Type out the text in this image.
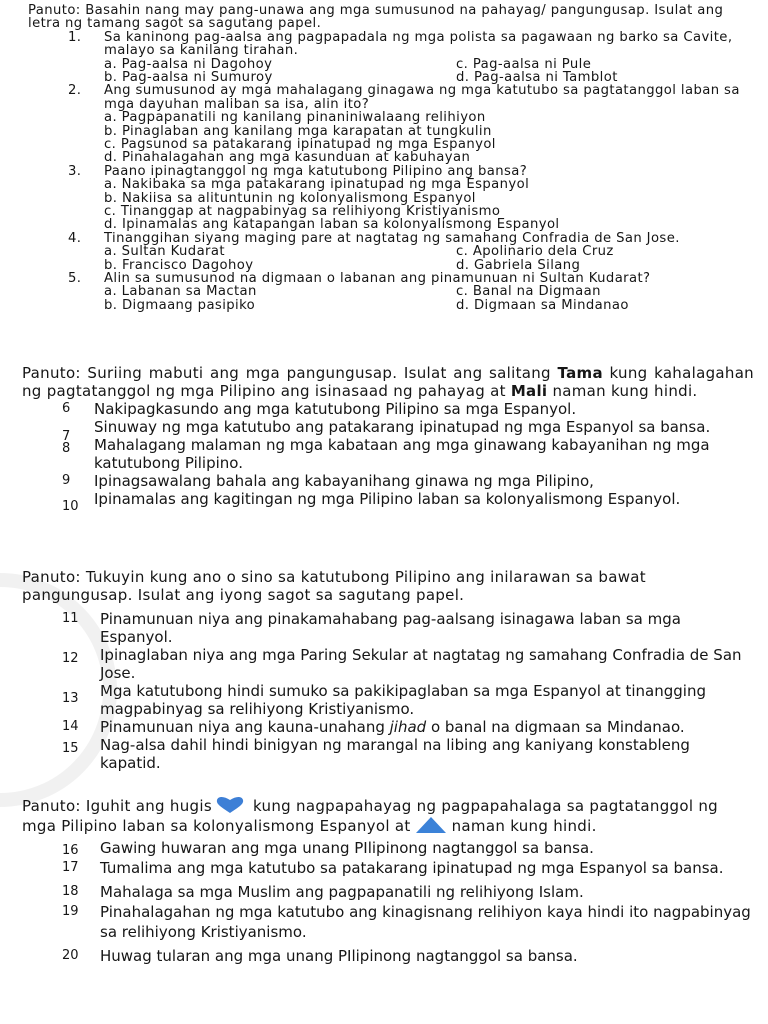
Panuto: Basahin nang may pang-unawa ang mga sumusunod na pahayag/ pangungusap. Isulat ang letra ng tamang sagot sa sagutang papel.

1.	Sa kaninong pag-aalsa ang pagpapadala ng mga polista sa pagawaan ng barko sa Cavite, malayo sa kanilang tirahan.
a. Pag-aalsa ni Dagohoy	c. Pag-aalsa ni Pule
b. Pag-aalsa ni Sumuroy	d. Pag-aalsa ni Tamblot
2.	Ang sumusunod ay mga mahalagang ginagawa ng mga katutubo sa pagtatanggol laban sa mga dayuhan maliban sa isa, alin ito?
a. Pagpapanatili ng kanilang pinaniniwalaang relihiyon
b. Pinaglaban ang kanilang mga karapatan at tungkulin
c. Pagsunod sa patakarang ipinatupad ng mga Espanyol
d. Pinahalagahan ang mga kasunduan at kabuhayan
3.	Paano ipinagtanggol ng mga katutubong Pilipino ang bansa?
a. Nakibaka sa mga patakarang ipinatupad ng mga Espanyol
b. Nakiisa sa alituntunin ng kolonyalismong Espanyol
c. Tinanggap at nagpabinyag sa relihiyong Kristiyanismo
d. Ipinamalas ang katapangan laban sa kolonyalismong Espanyol
4.	Tinanggihan siyang maging pare at nagtatag ng samahang Confradia de San Jose.
a. Sultan Kudarat	c. Apolinario dela Cruz
b. Francisco Dagohoy	d. Gabriela Silang
5.	Alin sa sumusunod na digmaan o labanan ang pinamunuan ni Sultan Kudarat?
a. Labanan sa Mactan	c. Banal na Digmaan
b. Digmaang pasipiko	d. Digmaan sa Mindanao

Panuto: Suriing mabuti ang mga pangungusap. Isulat ang salitang Tama kung kahalagahan ng pagtatanggol ng mga Pilipino ang isinasaad ng pahayag at Mali naman kung hindi.

6 Nakipagkasundo ang mga katutubong Pilipino sa mga Espanyol.
7
Sinuway ng mga katutubo ang patakarang ipinatupad ng mga Espanyol sa bansa.
8 Mahalagang malaman ng mga kabataan ang mga ginawang kabayanihan ng mga katutubong Pilipino.
9 Ipinagsawalang bahala ang kabayanihang ginawa ng mga Pilipino,
10 Ipinamalas ang kagitingan ng mga Pilipino laban sa kolonyalismong Espanyol.

Panuto: Tukuyin kung ano o sino sa katutubong Pilipino ang inilarawan sa bawat pangungusap. Isulat ang iyong sagot sa sagutang papel.

11 Pinamunuan niya ang pinakamahabang pag-aalsang isinagawa laban sa mga Espanyol.
12 Ipinaglaban niya ang mga Paring Sekular at nagtatag ng samahang Confradia de San Jose.
13 Mga katutubong hindi sumuko sa pakikipaglaban sa mga Espanyol at tinangging magpabinyag sa relihiyong Kristiyanismo.
14 Pinamunuan niya ang kauna-unahang jihad o banal na digmaan sa Mindanao.
15 Nag-alsa dahil hindi binigyan ng marangal na libing ang kaniyang konstableng kapatid.

Panuto: Iguhit ang hugis kung nagpapahayag ng pagpapahalaga sa pagtatanggol ng mga Pilipino laban sa kolonyalismong Espanyol at	naman kung hindi.

16 Gawing huwaran ang mga unang PIlipinong nagtanggol sa bansa.
17 Tumalima ang mga katutubo sa patakarang ipinatupad ng mga Espanyol sa bansa.
18 Mahalaga sa mga Muslim ang pagpapanatili ng relihiyong Islam.
19 Pinahalagahan ng mga katutubo ang kinagisnang relihiyon kaya hindi ito nagpabinyag sa relihiyong Kristiyanismo.
20 Huwag tularan ang mga unang PIlipinong nagtanggol sa bansa.
